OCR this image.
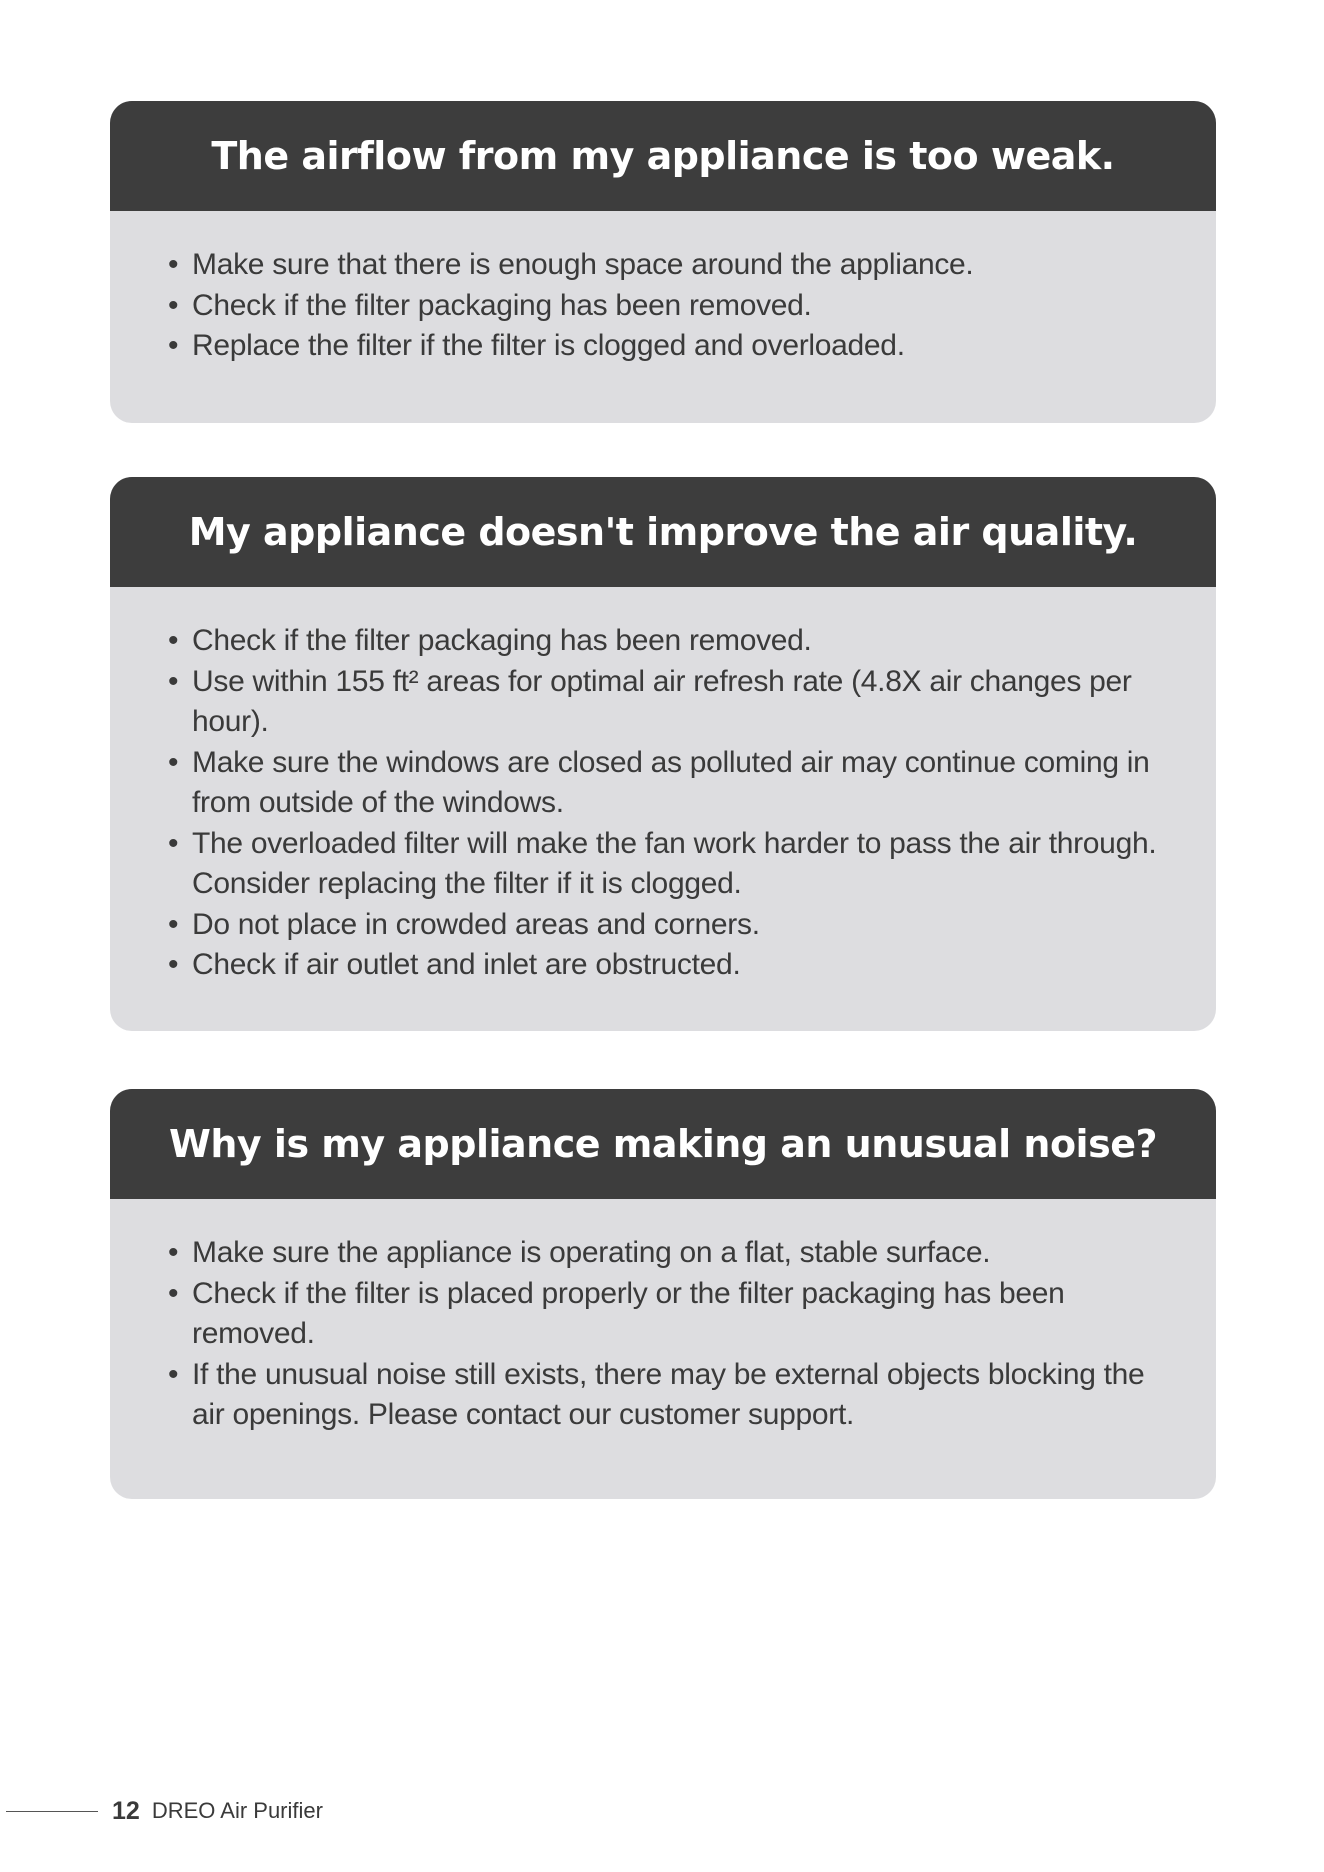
The airflow from my appliance is too weak.
• Make sure that there is enough space around the appliance.
• Check if the filter packaging has been removed.
• Replace the filter if the filter is clogged and overloaded.
My appliance doesn't improve the air quality.
• Check if the filter packaging has been removed.
• Use within 155 ft² areas for optimal air refresh rate (4.8X air changes per hour).
• Make sure the windows are closed as polluted air may continue coming in from outside of the windows.
• The overloaded filter will make the fan work harder to pass the air through. Consider replacing the filter if it is clogged.
• Do not place in crowded areas and corners.
• Check if air outlet and inlet are obstructed.
Why is my appliance making an unusual noise?
• Make sure the appliance is operating on a flat, stable surface.
• Check if the filter is placed properly or the filter packaging has been removed.
• If the unusual noise still exists, there may be external objects blocking the air openings. Please contact our customer support.
12 DREO Air Purifier
